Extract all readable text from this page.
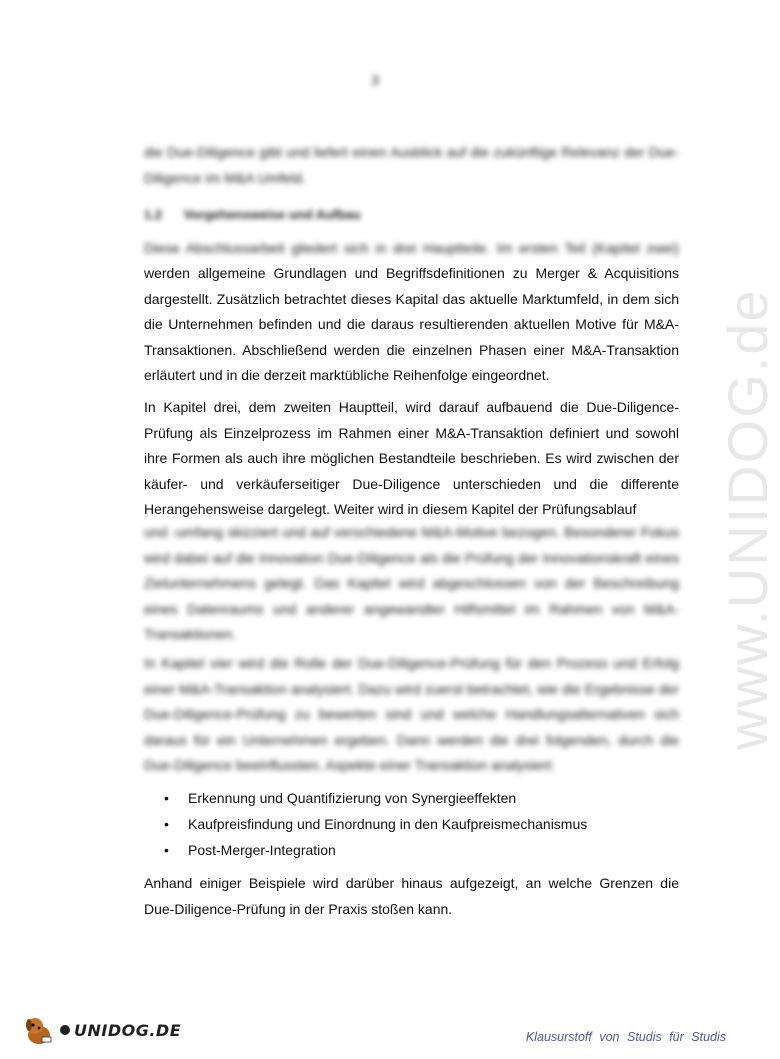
www.UNIDOG.de
3

die Due-Diligence gibt und liefert einen Ausblick auf die zukünftige Relevanz der Due-Diligence im M&A Umfeld.

1.2 Vorgehensweise und Aufbau

Diese Abschlussarbeit gliedert sich in drei Hauptteile. Im ersten Teil (Kapitel zwei)

werden allgemeine Grundlagen und Begriffsdefinitionen zu Merger & Acquisitions dargestellt. Zusätzlich betrachtet dieses Kapital das aktuelle Marktumfeld, in dem sich die Unternehmen befinden und die daraus resultierenden aktuellen Motive für M&A-Transaktionen. Abschließend werden die einzelnen Phasen einer M&A-Transaktion erläutert und in die derzeit marktübliche Reihenfolge eingeordnet.

In Kapitel drei, dem zweiten Hauptteil, wird darauf aufbauend die Due-Diligence-Prüfung als Einzelprozess im Rahmen einer M&A-Transaktion definiert und sowohl ihre Formen als auch ihre möglichen Bestandteile beschrieben. Es wird zwischen der käufer- und verkäuferseitiger Due-Diligence unterschieden und die differente Herangehensweise dargelegt. Weiter wird in diesem Kapitel der Prüfungsablauf

und -umfang skizziert und auf verschiedene M&A-Motive bezogen. Besonderer Fokus wird dabei auf die Innovation Due-Diligence als die Prüfung der Innovationskraft eines Zielunternehmens gelegt. Das Kapitel wird abgeschlossen von der Beschreibung eines Datenraums und anderer angewandter Hilfsmittel im Rahmen von M&A-Transaktionen.

In Kapitel vier wird die Rolle der Due-Diligence-Prüfung für den Prozess und Erfolg einer M&A-Transaktion analysiert. Dazu wird zuerst betrachtet, wie die Ergebnisse der Due-Diligence-Prüfung zu bewerten sind und welche Handlungsalternativen sich daraus für ein Unternehmen ergeben. Dann werden die drei folgenden, durch die Due-Diligence beeinflussten, Aspekte einer Transaktion analysiert:

• Erkennung und Quantifizierung von Synergieeffekten
• Kaufpreisfindung und Einordnung in den Kaufpreismechanismus
• Post-Merger-Integration

Anhand einiger Beispiele wird darüber hinaus aufgezeigt, an welche Grenzen die Due-Diligence-Prüfung in der Praxis stoßen kann.

UNIDOG.DE	Klausurstoff von Studis für Studis
